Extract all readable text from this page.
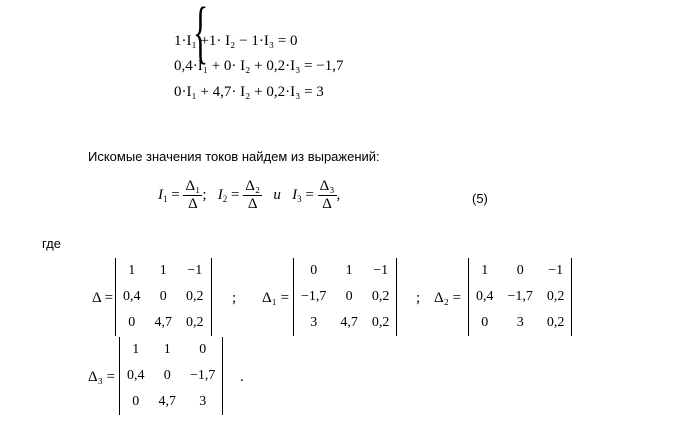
{
1·I₁ +1· I₂ − 1·I₃ = 0
0,4·I₁ + 0· I₂ + 0,2·I₃ = −1,7
0·I₁ + 4,7· I₂ + 0,2·I₃ = 3
Искомые значения токов найдем из выражений:
$I_1 = \frac{\text{Δ₁}}{\Delta}$ ; $I_2 = \frac{\text{Δ₂}}{\Delta}$ и $I_3 = \frac{\text{Δ₃}}{\Delta}$ ,	(5)
где
Δ =
1	1	−1
0,4	0	0,2
0	4,7	0,2
; Δ₁ =
0	1	−1
−1,7	0	0,2
3	4,7	0,2
; Δ₂ =
1	0	−1
0,4	−1,7	0,2
0	3	0,2
Δ₃ =
1	1	0
0,4	0	−1,7
0	4,7	3
.
